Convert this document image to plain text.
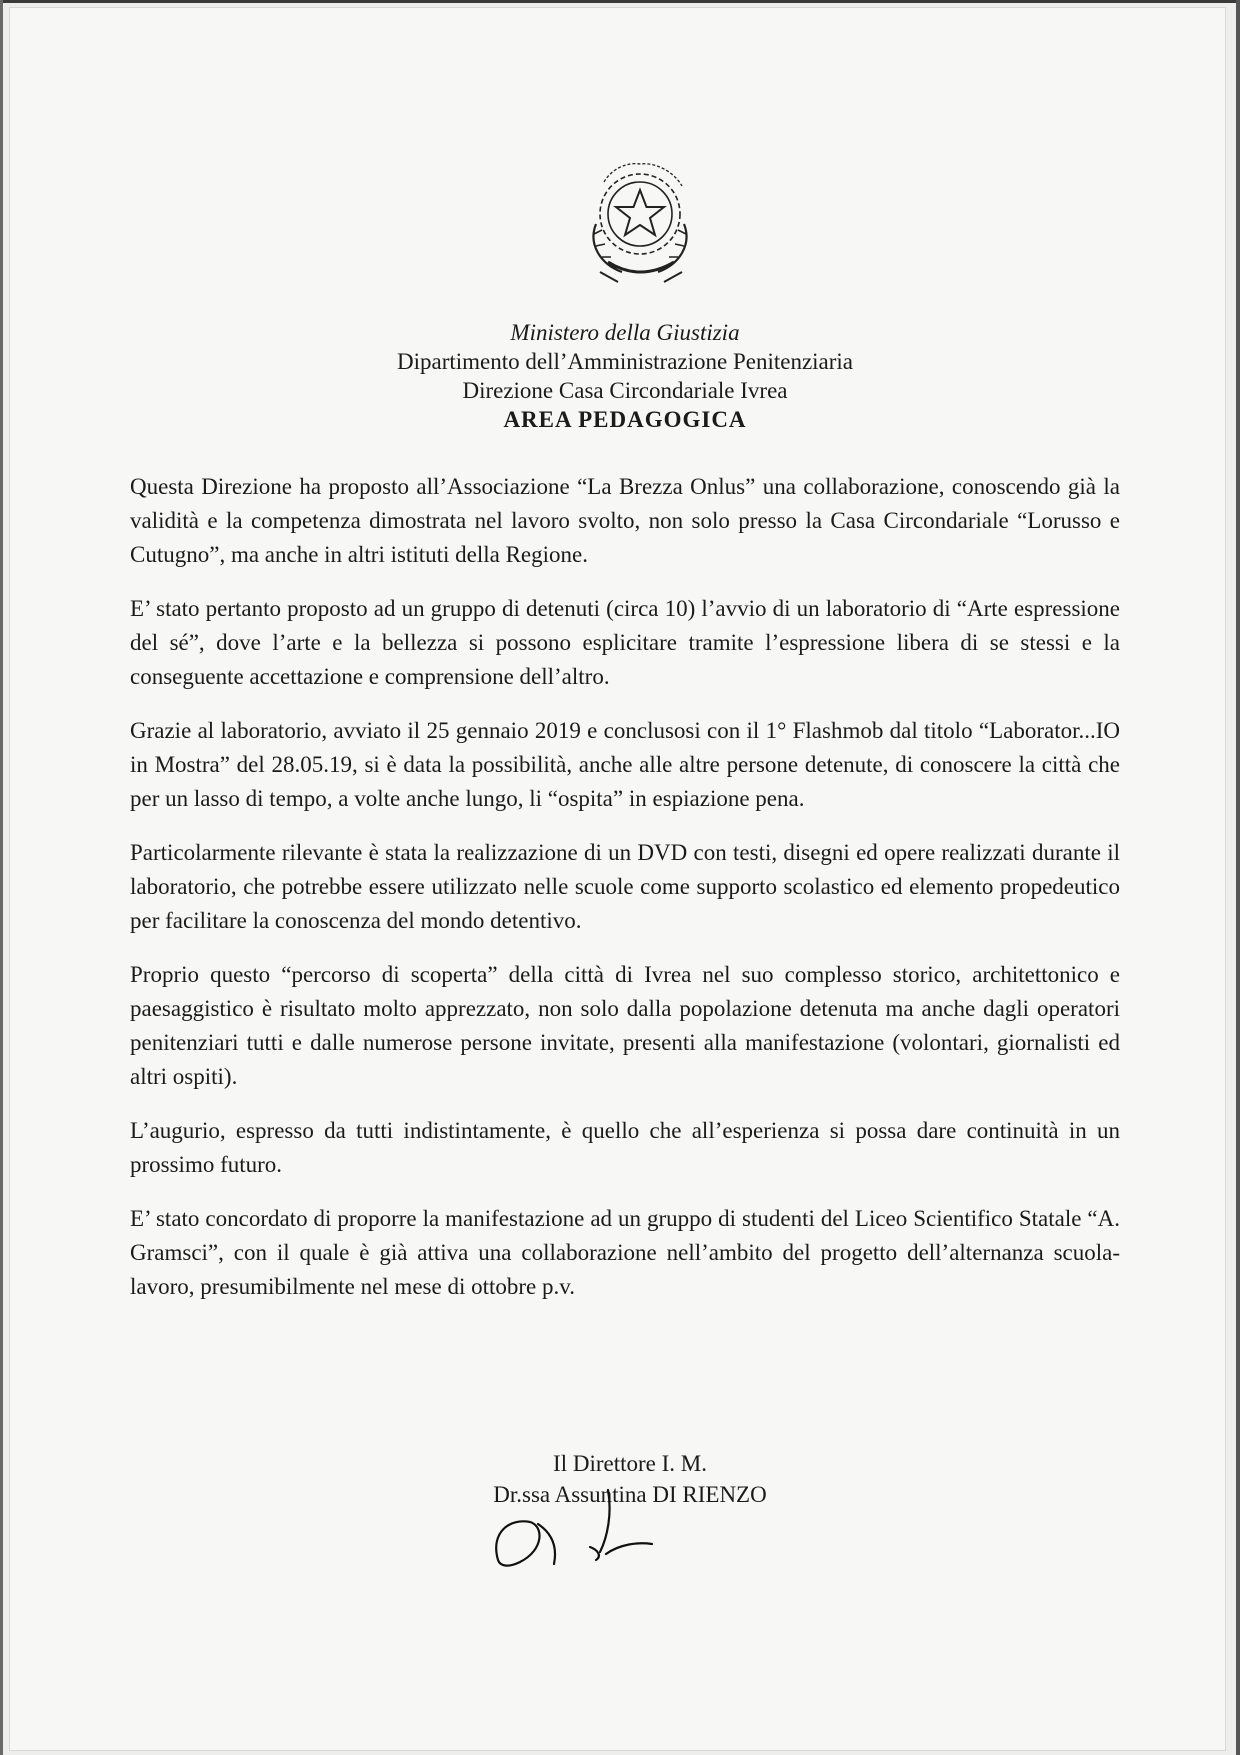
Ministero della Giustizia
Dipartimento dell’Amministrazione Penitenziaria
Direzione Casa Circondariale Ivrea
AREA PEDAGOGICA

Questa Direzione ha proposto all’Associazione “La Brezza Onlus” una collaborazione, conoscendo già la validità e la competenza dimostrata nel lavoro svolto, non solo presso la Casa Circondariale “Lorusso e Cutugno”, ma anche in altri istituti della Regione.

E’ stato pertanto proposto ad un gruppo di detenuti (circa 10) l’avvio di un laboratorio di “Arte espressione del sé”, dove l’arte e la bellezza si possono esplicitare tramite l’espressione libera di se stessi e la conseguente accettazione e comprensione dell’altro.

Grazie al laboratorio, avviato il 25 gennaio 2019 e conclusosi con il 1° Flashmob dal titolo “Laborator...IO in Mostra” del 28.05.19, si è data la possibilità, anche alle altre persone detenute, di conoscere la città che per un lasso di tempo, a volte anche lungo, li “ospita” in espiazione pena.

Particolarmente rilevante è stata la realizzazione di un DVD con testi, disegni ed opere realizzati durante il laboratorio, che potrebbe essere utilizzato nelle scuole come supporto scolastico ed elemento propedeutico per facilitare la conoscenza del mondo detentivo.

Proprio questo “percorso di scoperta” della città di Ivrea nel suo complesso storico, architettonico e paesaggistico è risultato molto apprezzato, non solo dalla popolazione detenuta ma anche dagli operatori penitenziari tutti e dalle numerose persone invitate, presenti alla manifestazione (volontari, giornalisti ed altri ospiti).

L’augurio, espresso da tutti indistintamente, è quello che all’esperienza si possa dare continuità in un prossimo futuro.

E’ stato concordato di proporre la manifestazione ad un gruppo di studenti del Liceo Scientifico Statale “A. Gramsci”, con il quale è già attiva una collaborazione nell’ambito del progetto dell’alternanza scuola-lavoro, presumibilmente nel mese di ottobre p.v.

Il Direttore I. M.
Dr.ssa Assuntina DI RIENZO
